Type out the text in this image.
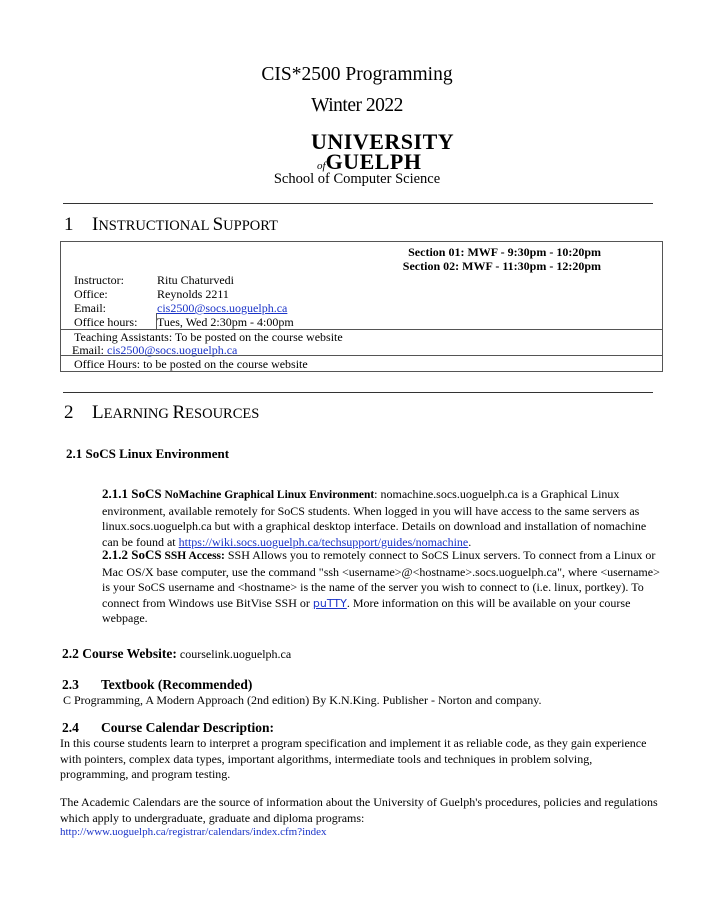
CIS*2500 Programming
Winter 2022
UNIVERSITY
ofGUELPH
School of Computer Science
1 INSTRUCTIONAL SUPPORT
Section 01: MWF - 9:30pm - 10:20pm
Section 02: MWF - 11:30pm - 12:20pm
Instructor:	Ritu Chaturvedi
Office:	Reynolds 2211
Email:	cis2500@socs.uoguelph.ca
Office hours: Tues, Wed 2:30pm - 4:00pm
Teaching Assistants: To be posted on the course website
Email: cis2500@socs.uoguelph.ca
Office Hours: to be posted on the course website
2 LEARNING RESOURCES
2.1 SoCS Linux Environment
2.1.1 SoCS NoMachine Graphical Linux Environment: nomachine.socs.uoguelph.ca is a Graphical Linux environment, available remotely for SoCS students. When logged in you will have access to the same servers as linux.socs.uoguelph.ca but with a graphical desktop interface. Details on download and installation of nomachine can be found at https://wiki.socs.uoguelph.ca/techsupport/guides/nomachine.
2.1.2 SoCS SSH Access: SSH Allows you to remotely connect to SoCS Linux servers. To connect from a Linux or Mac OS/X base computer, use the command "ssh <username>@<hostname>.socs.uoguelph.ca", where <username> is your SoCS username and <hostname> is the name of the server you wish to connect to (i.e. linux, portkey). To connect from Windows use BitVise SSH or puTTY. More information on this will be available on your course webpage.
2.2 Course Website: courselink.uoguelph.ca
2.3 Textbook (Recommended)
C Programming, A Modern Approach (2nd edition) By K.N.King. Publisher - Norton and company.
2.4 Course Calendar Description:
In this course students learn to interpret a program specification and implement it as reliable code, as they gain experience with pointers, complex data types, important algorithms, intermediate tools and techniques in problem solving, programming, and program testing.
The Academic Calendars are the source of information about the University of Guelph's procedures, policies and regulations which apply to undergraduate, graduate and diploma programs:
http://www.uoguelph.ca/registrar/calendars/index.cfm?index
